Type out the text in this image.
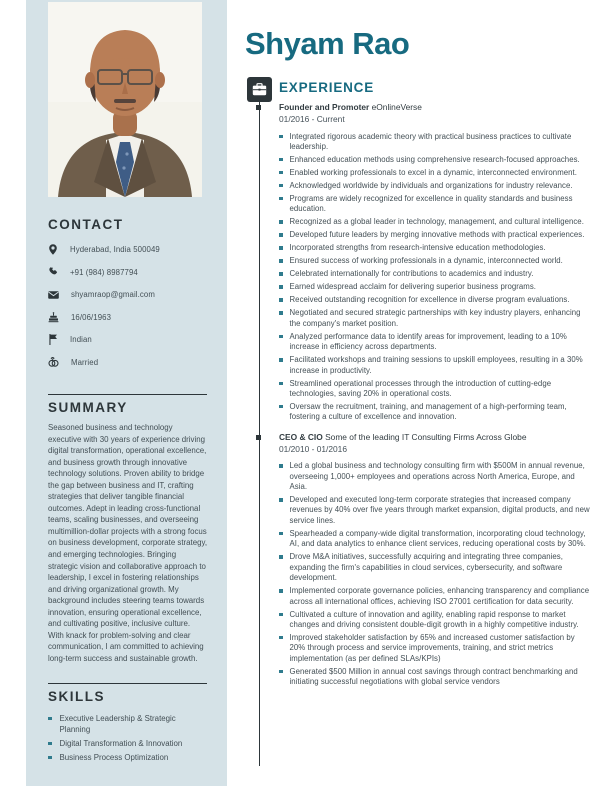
CONTACT
Hyderabad, India 500049
+91 (984) 8987794
shyamraop@gmail.com
16/06/1963
Indian
Married
SUMMARY
Seasoned business and technology executive with 30 years of experience driving digital transformation, operational excellence, and business growth through innovative technology solutions. Proven ability to bridge the gap between business and IT, crafting strategies that deliver tangible financial outcomes. Adept in leading cross-functional teams, scaling businesses, and overseeing multimillion-dollar projects with a strong focus on business development, corporate strategy, and emerging technologies. Bringing strategic vision and collaborative approach to leadership, I excel in fostering relationships and driving organizational growth. My background includes steering teams towards innovation, ensuring operational excellence, and cultivating positive, inclusive culture. With knack for problem-solving and clear communication, I am committed to achieving long-term success and sustainable growth.
SKILLS
Executive Leadership & Strategic Planning
Digital Transformation & Innovation
Business Process Optimization
Shyam Rao
EXPERIENCE
Founder and Promoter eOnlineVerse
01/2016 - Current
Integrated rigorous academic theory with practical business practices to cultivate leadership.
Enhanced education methods using comprehensive research-focused approaches.
Enabled working professionals to excel in a dynamic, interconnected environment.
Acknowledged worldwide by individuals and organizations for industry relevance.
Programs are widely recognized for excellence in quality standards and business education.
Recognized as a global leader in technology, management, and cultural intelligence.
Developed future leaders by merging innovative methods with practical experiences.
Incorporated strengths from research-intensive education methodologies.
Ensured success of working professionals in a dynamic, interconnected world.
Celebrated internationally for contributions to academics and industry.
Earned widespread acclaim for delivering superior business programs.
Received outstanding recognition for excellence in diverse program evaluations.
Negotiated and secured strategic partnerships with key industry players, enhancing the company's market position.
Analyzed performance data to identify areas for improvement, leading to a 10% increase in efficiency across departments.
Facilitated workshops and training sessions to upskill employees, resulting in a 30% increase in productivity.
Streamlined operational processes through the introduction of cutting-edge technologies, saving 20% in operational costs.
Oversaw the recruitment, training, and management of a high-performing team, fostering a culture of excellence and innovation.
CEO & CIO Some of the leading IT Consulting Firms Across Globe
01/2010 - 01/2016
Led a global business and technology consulting firm with $500M in annual revenue, overseeing 1,000+ employees and operations across North America, Europe, and Asia.
Developed and executed long-term corporate strategies that increased company revenues by 40% over five years through market expansion, digital products, and new service lines.
Spearheaded a company-wide digital transformation, incorporating cloud technology, AI, and data analytics to enhance client services, reducing operational costs by 30%.
Drove M&A initiatives, successfully acquiring and integrating three companies, expanding the firm's capabilities in cloud services, cybersecurity, and software development.
Implemented corporate governance policies, enhancing transparency and compliance across all international offices, achieving ISO 27001 certification for data security.
Cultivated a culture of innovation and agility, enabling rapid response to market changes and driving consistent double-digit growth in a highly competitive industry.
Improved stakeholder satisfaction by 65% and increased customer satisfaction by 20% through process and service improvements, training, and strict metrics implementation (as per defined SLAs/KPIs)
Generated $500 Million in annual cost savings through contract benchmarking and initiating successful negotiations with global service vendors
